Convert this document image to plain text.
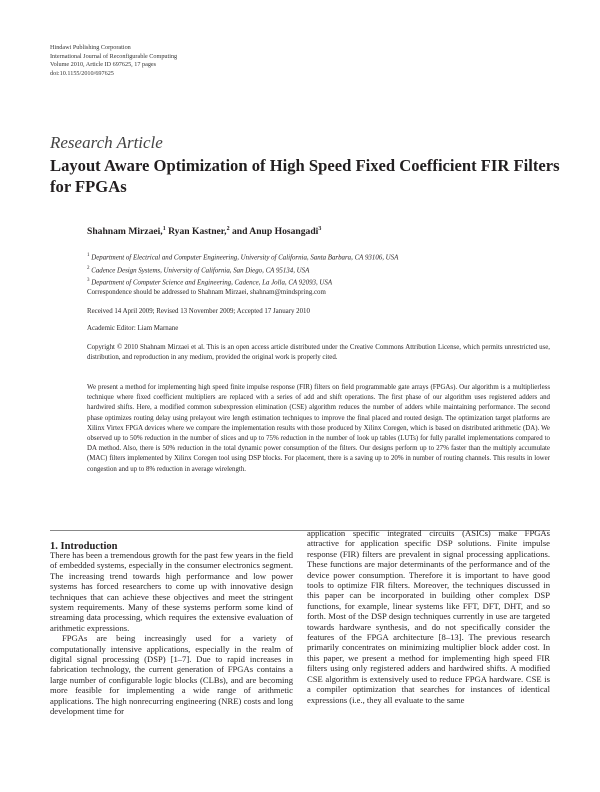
Hindawi Publishing Corporation
International Journal of Reconfigurable Computing
Volume 2010, Article ID 697625, 17 pages
doi:10.1155/2010/697625
Research Article
Layout Aware Optimization of High Speed Fixed Coefficient FIR Filters for FPGAs
Shahnam Mirzaei,$^1$ Ryan Kastner,$^2$ and Anup Hosangadi$^3$
$^1$ Department of Electrical and Computer Engineering, University of California, Santa Barbara, CA 93106, USA
$^2$ Cadence Design Systems, University of California, San Diego, CA 95134, USA
$^3$ Department of Computer Science and Engineering, Cadence, La Jolla, CA 92093, USA
Correspondence should be addressed to Shahnam Mirzaei, shahnam@mindspring.com
Received 14 April 2009; Revised 13 November 2009; Accepted 17 January 2010
Academic Editor: Liam Marnane
Copyright © 2010 Shahnam Mirzaei et al. This is an open access article distributed under the Creative Commons Attribution License, which permits unrestricted use, distribution, and reproduction in any medium, provided the original work is properly cited.
We present a method for implementing high speed finite impulse response (FIR) filters on field programmable gate arrays (FPGAs). Our algorithm is a multiplierless technique where fixed coefficient multipliers are replaced with a series of add and shift operations. The first phase of our algorithm uses registered adders and hardwired shifts. Here, a modified common subexpression elimination (CSE) algorithm reduces the number of adders while maintaining performance. The second phase optimizes routing delay using prelayout wire length estimation techniques to improve the final placed and routed design. The optimization target platforms are Xilinx Virtex FPGA devices where we compare the implementation results with those produced by Xilinx Coregen, which is based on distributed arithmetic (DA). We observed up to 50% reduction in the number of slices and up to 75% reduction in the number of look up tables (LUTs) for fully parallel implementations compared to DA method. Also, there is 50% reduction in the total dynamic power consumption of the filters. Our designs perform up to 27% faster than the multiply accumulate (MAC) filters implemented by Xilinx Coregen tool using DSP blocks. For placement, there is a saving up to 20% in number of routing channels. This results in lower congestion and up to 8% reduction in average wirelength.
1. Introduction

There has been a tremendous growth for the past few years in the field of embedded systems, especially in the consumer electronics segment. The increasing trend towards high performance and low power systems has forced researchers to come up with innovative design techniques that can achieve these objectives and meet the stringent system requirements. Many of these systems perform some kind of streaming data processing, which requires the extensive evaluation of arithmetic expressions.

FPGAs are being increasingly used for a variety of computationally intensive applications, especially in the realm of digital signal processing (DSP) [1–7]. Due to rapid increases in fabrication technology, the current generation of FPGAs contains a large number of configurable logic blocks (CLBs), and are becoming more feasible for implementing a wide range of arithmetic applications. The high nonrecurring engineering (NRE) costs and long development time for

application specific integrated circuits (ASICs) make FPGAs attractive for application specific DSP solutions. Finite impulse response (FIR) filters are prevalent in signal processing applications. These functions are major determinants of the performance and of the device power consumption. Therefore it is important to have good tools to optimize FIR filters. Moreover, the techniques discussed in this paper can be incorporated in building other complex DSP functions, for example, linear systems like FFT, DFT, DHT, and so forth. Most of the DSP design techniques currently in use are targeted towards hardware synthesis, and do not specifically consider the features of the FPGA architecture [8–13]. The previous research primarily concentrates on minimizing multiplier block adder cost. In this paper, we present a method for implementing high speed FIR filters using only registered adders and hardwired shifts. A modified CSE algorithm is extensively used to reduce FPGA hardware. CSE is a compiler optimization that searches for instances of identical expressions (i.e., they all evaluate to the same
